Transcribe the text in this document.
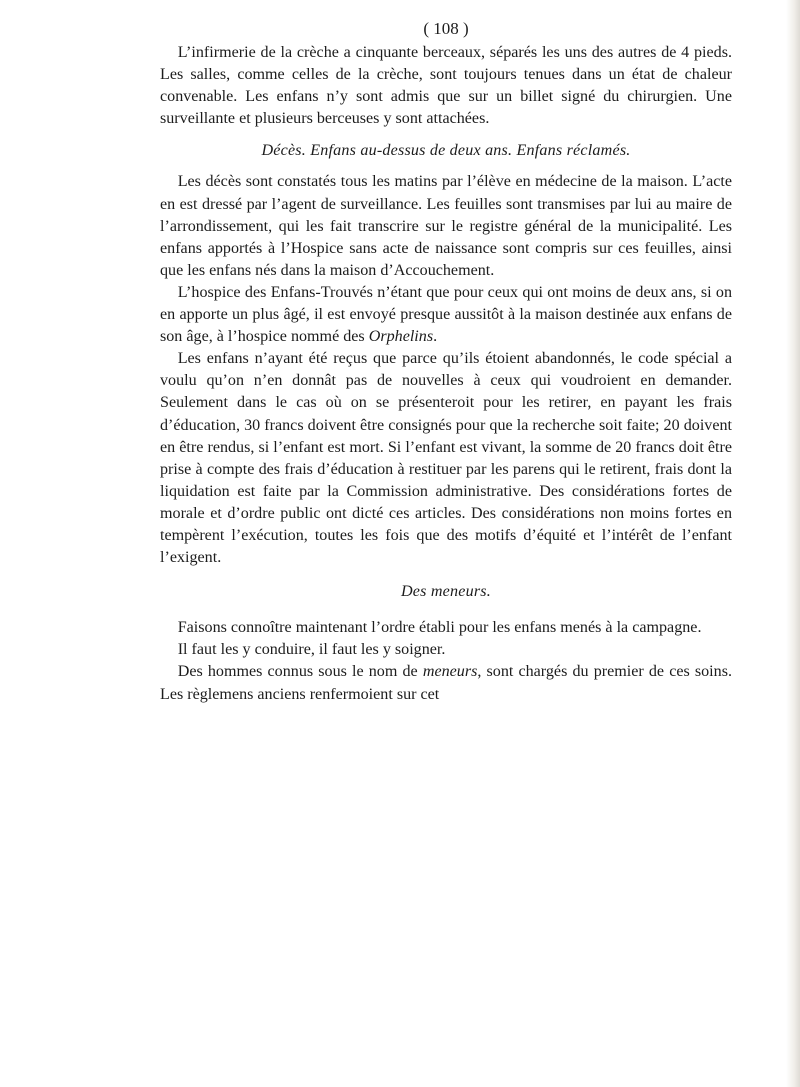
( 108 )

L’infirmerie de la crèche a cinquante berceaux, séparés les uns des autres de 4 pieds. Les salles, comme celles de la crèche, sont toujours tenues dans un état de chaleur convenable. Les enfans n’y sont admis que sur un billet signé du chirurgien. Une surveillante et plusieurs berceuses y sont attachées.

Décès. Enfans au-dessus de deux ans. Enfans réclamés.

Les décès sont constatés tous les matins par l’élève en médecine de la maison. L’acte en est dressé par l’agent de surveillance. Les feuilles sont transmises par lui au maire de l’arrondissement, qui les fait transcrire sur le registre général de la municipalité. Les enfans apportés à l’Hospice sans acte de naissance sont compris sur ces feuilles, ainsi que les enfans nés dans la maison d’Accouchement.

L’hospice des Enfans-Trouvés n’étant que pour ceux qui ont moins de deux ans, si on en apporte un plus âgé, il est envoyé presque aussitôt à la maison destinée aux enfans de son âge, à l’hospice nommé des Orphelins.

Les enfans n’ayant été reçus que parce qu’ils étoient abandonnés, le code spécial a voulu qu’on n’en donnât pas de nouvelles à ceux qui voudroient en demander. Seulement dans le cas où on se présenteroit pour les retirer, en payant les frais d’éducation, 30 francs doivent être consignés pour que la recherche soit faite; 20 doivent en être rendus, si l’enfant est mort. Si l’enfant est vivant, la somme de 20 francs doit être prise à compte des frais d’éducation à restituer par les parens qui le retirent, frais dont la liquidation est faite par la Commission administrative. Des considérations fortes de morale et d’ordre public ont dicté ces articles. Des considérations non moins fortes en tempèrent l’exécution, toutes les fois que des motifs d’équité et l’intérêt de l’enfant l’exigent.

Des meneurs.

Faisons connoître maintenant l’ordre établi pour les enfans menés à la campagne.

Il faut les y conduire, il faut les y soigner.

Des hommes connus sous le nom de meneurs, sont chargés du premier de ces soins. Les règlemens anciens renfermoient sur cet
